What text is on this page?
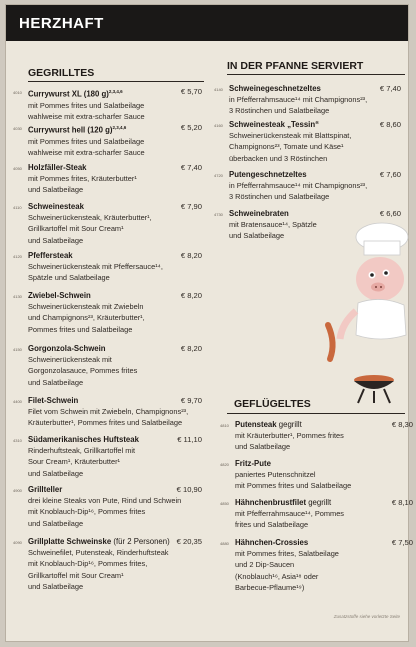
HERZHAFT
GEGRILLTES
IN DER PFANNE SERVIERT
GEFLÜGELTES
Zusatzstoffe siehe vorletzte Seite
4010 Currywurst XL (180 g)$^{2,3,4,6}$
mit Pommes frites und Salatbeilage
wahlweise mit extra-scharfer Sauce
€ 5,70
4030 Currywurst hell (120 g)$^{2,3,4,6}$
mit Pommes frites und Salatbeilage
wahlweise mit extra-scharfer Sauce
€ 5,20
4050 Holzfäller-Steak
mit Pommes frites, Kräuterbutter¹
und Salatbeilage
€ 7,40
4110 Schweinesteak
Schweinerückensteak, Kräuterbutter¹,
Grillkartoffel mit Sour Cream¹
und Salatbeilage
€ 7,90
4120 Pfeffersteak
Schweinerückensteak mit Pfeffersauce¹⁴,
Spätzle und Salatbeilage
€ 8,20
4130 Zwiebel-Schwein
Schweinerückensteak mit Zwiebeln
und Champignons²³, Kräuterbutter¹,
Pommes frites und Salatbeilage
€ 8,20
4150 Gorgonzola-Schwein
Schweinerückensteak mit
Gorgonzolasauce, Pommes frites
und Salatbeilage
€ 8,20
4400 Filet-Schwein
Filet vom Schwein mit Zwiebeln, Champignons²³,
Kräuterbutter¹, Pommes frites und Salatbeilage
€ 9,70
4310 Südamerikanisches Huftsteak
Rinderhuftsteak, Grillkartoffel mit
Sour Cream¹, Kräuterbutter¹
und Salatbeilage
€ 11,10
4900 Grillteller
drei kleine Steaks von Pute, Rind und Schwein
mit Knoblauch-Dip¹⁶, Pommes frites
und Salatbeilage
€ 10,90
4090 Grillplatte Schweinske (für 2 Personen)
Schweinefilet, Putensteak, Rinderhuftsteak
mit Knoblauch-Dip¹⁶, Pommes frites,
Grillkartoffel mit Sour Cream¹
und Salatbeilage
€ 20,35
4140 Schweinegeschnetzeltes
in Pfefferrahmsauce¹⁴ mit Champignons²³,
3 Röstinchen und Salatbeilage
€ 7,40
4160 Schweinesteak „Tessin“
Schweinerückensteak mit Blattspinat,
Champignons²³, Tomate und Käse¹
überbacken und 3 Röstinchen
€ 8,60
4720 Putengeschnetzeltes
in Pfefferrahmsauce¹⁴ mit Champignons²³,
3 Röstinchen und Salatbeilage
€ 7,60
4730 Schweinebraten
mit Bratensauce¹⁴, Spätzle
und Salatbeilage
€ 6,60
4810 Putensteak gegrillt
mit Kräuterbutter¹, Pommes frites
und Salatbeilage
€ 8,30
4820 Fritz-Pute
paniertes Putenschnitzel
mit Pommes frites und Salatbeilage
4850 Hähnchenbrustfilet gegrillt
mit Pfefferrahmsauce¹⁴, Pommes
frites und Salatbeilage
€ 8,10
4880 Hähnchen-Crossies
mit Pommes frites, Salatbeilage
und 2 Dip-Saucen
(Knoblauch¹⁶, Asia¹⁸ oder
Barbecue-Pflaume¹⁹)
€ 7,50
